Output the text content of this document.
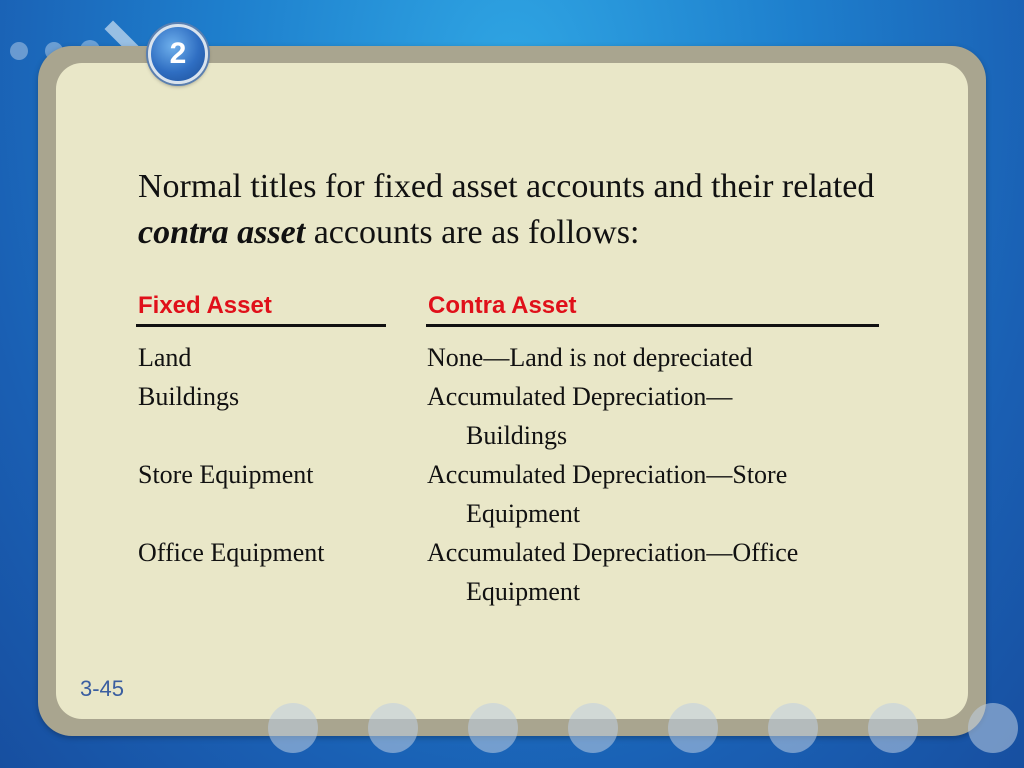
2
Normal titles for fixed asset accounts and their related contra asset accounts are as follows:
Fixed Asset	Contra Asset
Land	None—Land is not depreciated
Buildings	Accumulated Depreciation—
Buildings
Store Equipment	Accumulated Depreciation—Store
Equipment
Office Equipment	Accumulated Depreciation—Office
Equipment
3-45
